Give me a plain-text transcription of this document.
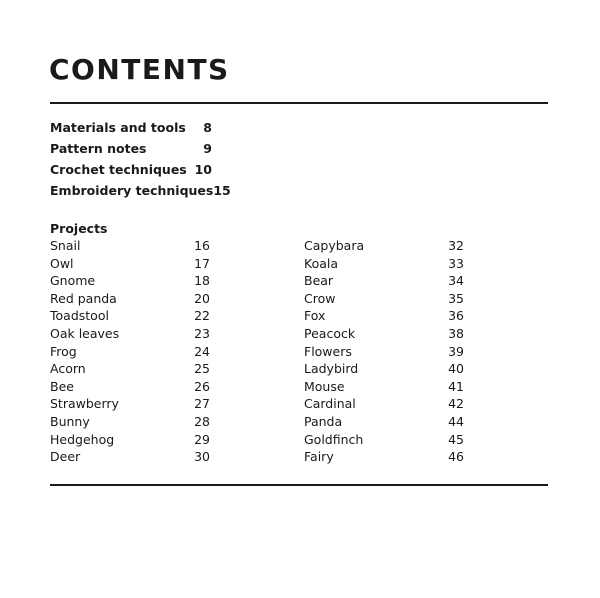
CONTENTS
Materials and tools 8
Pattern notes	9
Crochet techniques 10
Embroidery techniques 15
Projects
Snail	16
Owl	17
Gnome	18
Red panda	20
Toadstool	22
Oak leaves	23
Frog	24
Acorn	25
Bee	26
Strawberry	27
Bunny	28
Hedgehog	29
Deer	30
Capybara	32
Koala	33
Bear	34
Crow	35
Fox	36
Peacock	38
Flowers	39
Ladybird	40
Mouse	41
Cardinal	42
Panda	44
Goldfinch	45
Fairy	46
